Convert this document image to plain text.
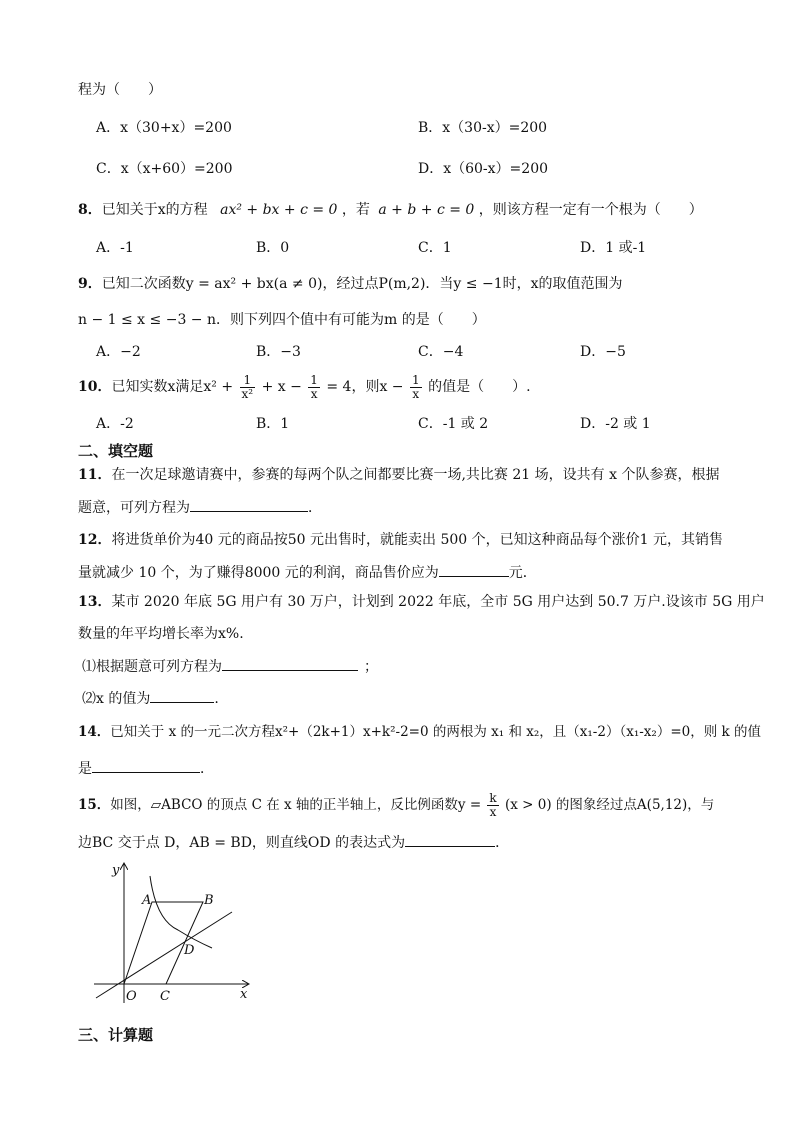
程为（　　）
A．x（30+x）=200	B．x（30-x）=200
C．x（x+60）=200	D．x（60-x）=200
8．已知关于x的方程 ax² + bx + c = 0 ，若 a + b + c = 0 ，则该方程一定有一个根为（　　）
A．-1	B．0	C．1	D．1 或-1
9．已知二次函数y = ax² + bx(a ≠ 0)，经过点P(m,2)．当y ≤ −1时，x的取值范围为
n − 1 ≤ x ≤ −3 − n．则下列四个值中有可能为m 的是（　　）
A．−2	B．−3	C．−4	D．−5
10．已知实数x满足$x^2 + \frac{1}{\text{x²}} + x - \frac{1}{x} = 4$，则$x - \frac{1}{x}$ 的值是（　　）.
A．-2	B．1	C．-1 或 2	D．-2 或 1
二、填空题
11．在一次足球邀请赛中，参赛的每两个队之间都要比赛一场,共比赛 21 场，设共有 x 个队参赛，根据
题意，可列方程为	．
12．将进货单价为40 元的商品按50 元出售时，就能卖出 500 个，已知这种商品每个涨价1 元，其销售
量就减少 10 个，为了赚得8000 元的利润，商品售价应为	元．
13．某市 2020 年底 5G 用户有 30 万户，计划到 2022 年底，全市 5G 用户达到 50.7 万户.设该市 5G 用户
数量的年平均增长率为x%.
⑴根据题意可列方程为	；
⑵x 的值为	.
14．已知关于 x 的一元二次方程x²+（2k+1）x+k²-2=0 的两根为 x₁ 和 x₂，且（x₁-2）（x₁-x₂）=0，则 k 的值
是	．
15．如图，▱ABCO 的顶点 C 在 x 轴的正半轴上，反比例函数$y = \frac{k}{x} (x > 0)$ 的图象经过点A(5,12)，与
边BC 交于点 D，AB = BD，则直线OD 的表达式为	．
y
x
A	B
D
O C
三、计算题
